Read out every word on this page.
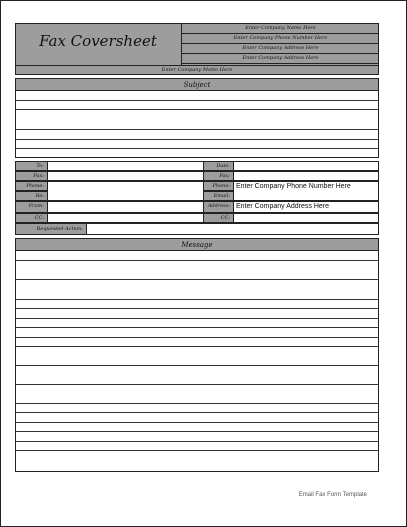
Fax Coversheet
Enter Company Name Here
Enter Company Phone Number Here
Enter Company Address Here
Enter Company Address Here
Enter Company Motto Here
Subject
To:
Fax:
Phone:
Re:
From:
CC:
Date:
Fax:
Phone: Enter Company Phone Number Here
Email:
Address: Enter Company Address Here
CC:
Requested Action:
Message
Email Fax Form Template
